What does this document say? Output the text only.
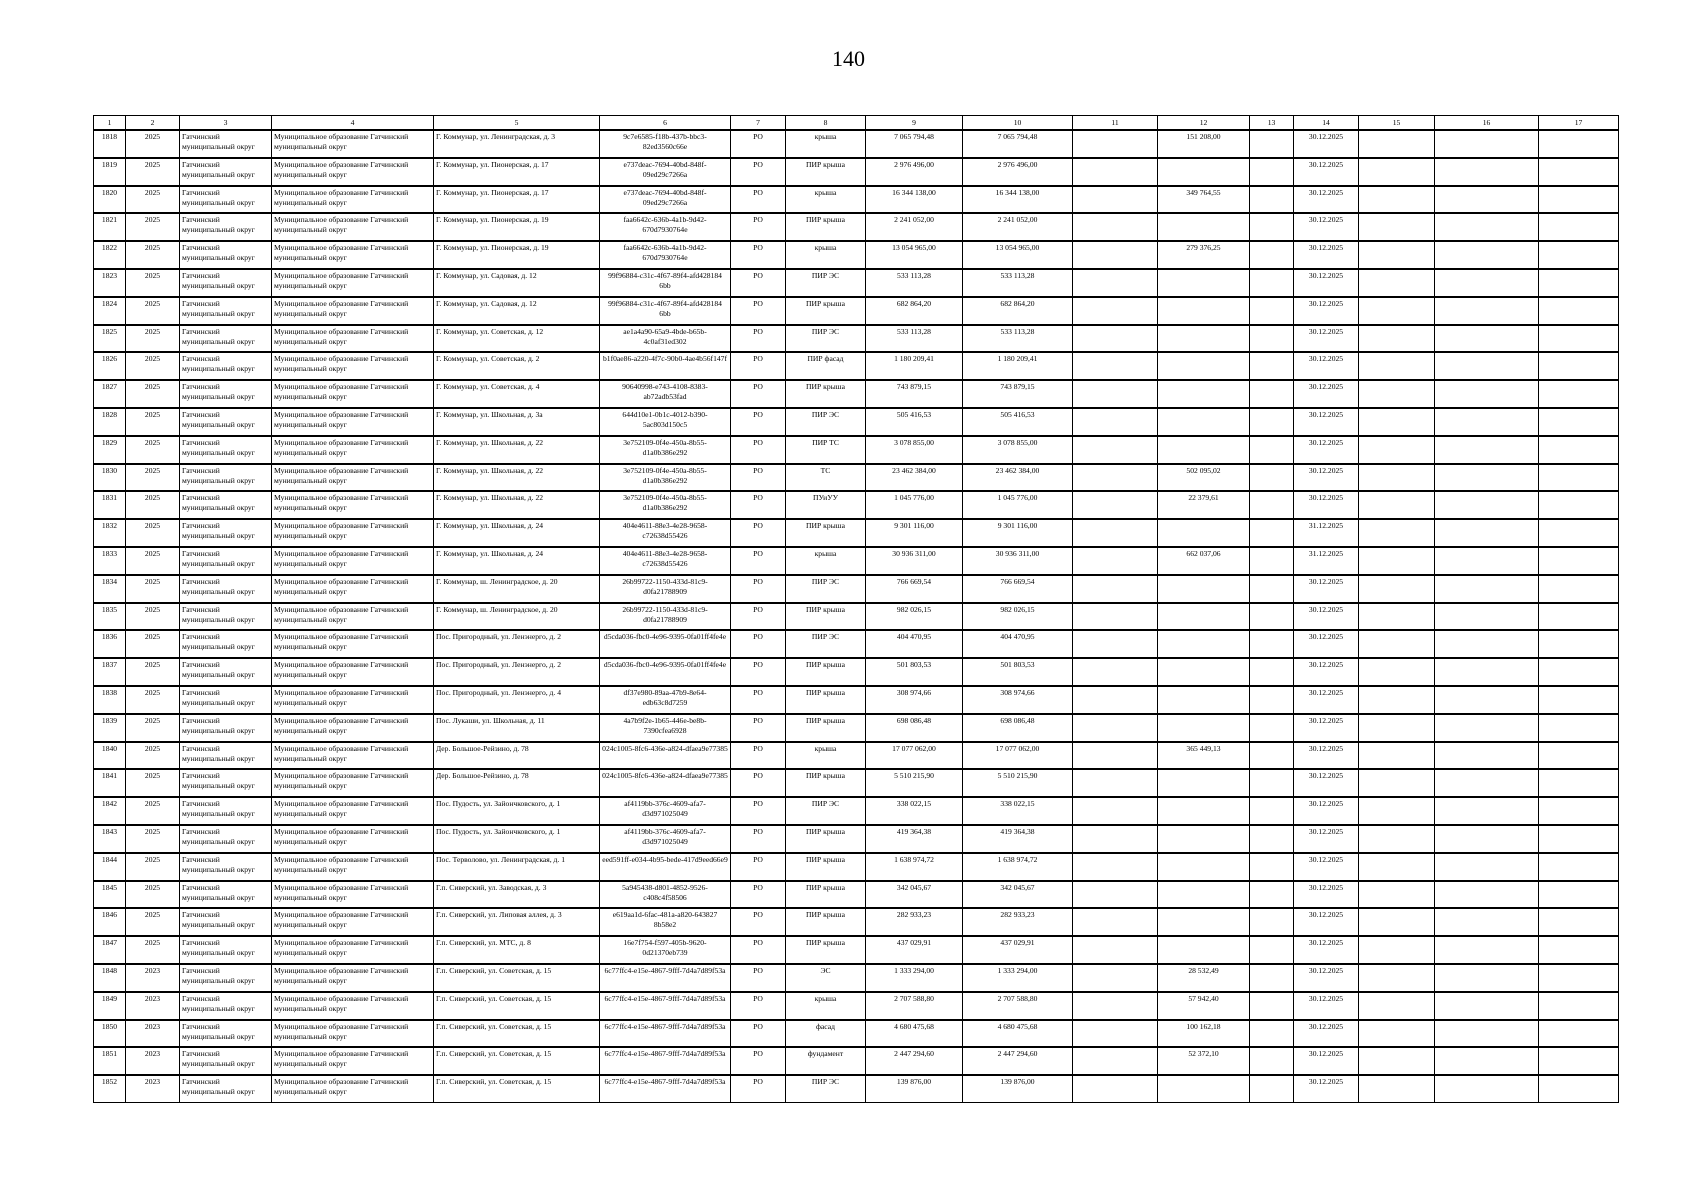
140
1	2	3	4	5	6	7	8	9	10	11	12	13	14	15	16	17
1818	2025	Гатчинский муниципальный округ	Муниципальное образование Гатчинский муниципальный округ	Г. Коммунар, ул. Ленинградская, д. 3	9c7e6585-f18b-437b-bbc3-82ed3560c66e	РО	крыша	7 065 794,48	7 065 794,48		151 208,00		30.12.2025			
1819	2025	Гатчинский муниципальный округ	Муниципальное образование Гатчинский муниципальный округ	Г. Коммунар, ул. Пионерская, д. 17	e737deac-7694-40bd-848f-09ed29c7266a	РО	ПИР крыша	2 976 496,00	2 976 496,00				30.12.2025			
1820	2025	Гатчинский муниципальный округ	Муниципальное образование Гатчинский муниципальный округ	Г. Коммунар, ул. Пионерская, д. 17	e737deac-7694-40bd-848f-09ed29c7266a	РО	крыша	16 344 138,00	16 344 138,00		349 764,55		30.12.2025			
1821	2025	Гатчинский муниципальный округ	Муниципальное образование Гатчинский муниципальный округ	Г. Коммунар, ул. Пионерская, д. 19	faa6642c-636b-4a1b-9d42-670d7930764e	РО	ПИР крыша	2 241 052,00	2 241 052,00				30.12.2025			
1822	2025	Гатчинский муниципальный округ	Муниципальное образование Гатчинский муниципальный округ	Г. Коммунар, ул. Пионерская, д. 19	faa6642c-636b-4a1b-9d42-670d7930764e	РО	крыша	13 054 965,00	13 054 965,00		279 376,25		30.12.2025			
1823	2025	Гатчинский муниципальный округ	Муниципальное образование Гатчинский муниципальный округ	Г. Коммунар, ул. Садовая, д. 12	99f96884-c31c-4f67-89f4-afd428184 6bb	РО	ПИР ЭС	533 113,28	533 113,28				30.12.2025			
1824	2025	Гатчинский муниципальный округ	Муниципальное образование Гатчинский муниципальный округ	Г. Коммунар, ул. Садовая, д. 12	99f96884-c31c-4f67-89f4-afd428184 6bb	РО	ПИР крыша	682 864,20	682 864,20				30.12.2025			
1825	2025	Гатчинский муниципальный округ	Муниципальное образование Гатчинский муниципальный округ	Г. Коммунар, ул. Советская, д. 12	ae1a4a90-65a9-4bde-b65b-4c0af31ed302	РО	ПИР ЭС	533 113,28	533 113,28				30.12.2025			
1826	2025	Гатчинский муниципальный округ	Муниципальное образование Гатчинский муниципальный округ	Г. Коммунар, ул. Советская, д. 2	b1f0ae86-a220-4f7c-90b0-4ae4b56f147f	РО	ПИР фасад	1 180 209,41	1 180 209,41				30.12.2025			
1827	2025	Гатчинский муниципальный округ	Муниципальное образование Гатчинский муниципальный округ	Г. Коммунар, ул. Советская, д. 4	90640998-e743-4108-8383-ab72adb53fad	РО	ПИР крыша	743 879,15	743 879,15				30.12.2025			
1828	2025	Гатчинский муниципальный округ	Муниципальное образование Гатчинский муниципальный округ	Г. Коммунар, ул. Школьная, д. 3а	644d10e1-0b1c-4012-b390-5ac803d150c5	РО	ПИР ЭС	505 416,53	505 416,53				30.12.2025			
1829	2025	Гатчинский муниципальный округ	Муниципальное образование Гатчинский муниципальный округ	Г. Коммунар, ул. Школьная, д. 22	3e752109-0f4e-450a-8b55-d1a0b386e292	РО	ПИР ТС	3 078 855,00	3 078 855,00				30.12.2025			
1830	2025	Гатчинский муниципальный округ	Муниципальное образование Гатчинский муниципальный округ	Г. Коммунар, ул. Школьная, д. 22	3e752109-0f4e-450a-8b55-d1a0b386e292	РО	ТС	23 462 384,00	23 462 384,00		502 095,02		30.12.2025			
1831	2025	Гатчинский муниципальный округ	Муниципальное образование Гатчинский муниципальный округ	Г. Коммунар, ул. Школьная, д. 22	3e752109-0f4e-450a-8b55-d1a0b386e292	РО	ПУиУУ	1 045 776,00	1 045 776,00		22 379,61		30.12.2025			
1832	2025	Гатчинский муниципальный округ	Муниципальное образование Гатчинский муниципальный округ	Г. Коммунар, ул. Школьная, д. 24	404e4611-88e3-4e28-9658-c72638d55426	РО	ПИР крыша	9 301 116,00	9 301 116,00				31.12.2025			
1833	2025	Гатчинский муниципальный округ	Муниципальное образование Гатчинский муниципальный округ	Г. Коммунар, ул. Школьная, д. 24	404e4611-88e3-4e28-9658-c72638d55426	РО	крыша	30 936 311,00	30 936 311,00		662 037,06		31.12.2025			
1834	2025	Гатчинский муниципальный округ	Муниципальное образование Гатчинский муниципальный округ	Г. Коммунар, ш. Ленинградское, д. 20	26b99722-1150-433d-81c9-d0fa21788909	РО	ПИР ЭС	766 669,54	766 669,54				30.12.2025			
1835	2025	Гатчинский муниципальный округ	Муниципальное образование Гатчинский муниципальный округ	Г. Коммунар, ш. Ленинградское, д. 20	26b99722-1150-433d-81c9-d0fa21788909	РО	ПИР крыша	982 026,15	982 026,15				30.12.2025			
1836	2025	Гатчинский муниципальный округ	Муниципальное образование Гатчинский муниципальный округ	Пос. Пригородный, ул. Ленэнерго, д. 2	d5cda036-fbc0-4e96-9395-0fa01ff4fe4e	РО	ПИР ЭС	404 470,95	404 470,95				30.12.2025			
1837	2025	Гатчинский муниципальный округ	Муниципальное образование Гатчинский муниципальный округ	Пос. Пригородный, ул. Ленэнерго, д. 2	d5cda036-fbc0-4e96-9395-0fa01ff4fe4e	РО	ПИР крыша	501 803,53	501 803,53				30.12.2025			
1838	2025	Гатчинский муниципальный округ	Муниципальное образование Гатчинский муниципальный округ	Пос. Пригородный, ул. Ленэнерго, д. 4	df37e980-89aa-47b9-8e64-edb63c8d7259	РО	ПИР крыша	308 974,66	308 974,66				30.12.2025			
1839	2025	Гатчинский муниципальный округ	Муниципальное образование Гатчинский муниципальный округ	Пос. Лукаши, ул. Школьная, д. 11	4a7b9f2e-1b65-446e-be8b-7390cfea6928	РО	ПИР крыша	698 086,48	698 086,48				30.12.2025			
1840	2025	Гатчинский муниципальный округ	Муниципальное образование Гатчинский муниципальный округ	Дер. Большое-Рейзино, д. 78	024c1005-8fc6-436e-a824-dfaea9e77385	РО	крыша	17 077 062,00	17 077 062,00		365 449,13		30.12.2025			
1841	2025	Гатчинский муниципальный округ	Муниципальное образование Гатчинский муниципальный округ	Дер. Большое-Рейзино, д. 78	024c1005-8fc6-436e-a824-dfaea9e77385	РО	ПИР крыша	5 510 215,90	5 510 215,90				30.12.2025			
1842	2025	Гатчинский муниципальный округ	Муниципальное образование Гатчинский муниципальный округ	Пос. Пудость, ул. Зайончковского, д. 1	af4119bb-376c-4609-afa7-d3d971025049	РО	ПИР ЭС	338 022,15	338 022,15				30.12.2025			
1843	2025	Гатчинский муниципальный округ	Муниципальное образование Гатчинский муниципальный округ	Пос. Пудость, ул. Зайончковского, д. 1	af4119bb-376c-4609-afa7-d3d971025049	РО	ПИР крыша	419 364,38	419 364,38				30.12.2025			
1844	2025	Гатчинский муниципальный округ	Муниципальное образование Гатчинский муниципальный округ	Пос. Терволово, ул. Ленинградская, д. 1	eed591ff-e034-4b95-bede-417d9eed66e9	РО	ПИР крыша	1 638 974,72	1 638 974,72				30.12.2025			
1845	2025	Гатчинский муниципальный округ	Муниципальное образование Гатчинский муниципальный округ	Г.п. Сиверский, ул. Заводская, д. 3	5a945438-d801-4852-9526-c408c4f58506	РО	ПИР крыша	342 045,67	342 045,67				30.12.2025			
1846	2025	Гатчинский муниципальный округ	Муниципальное образование Гатчинский муниципальный округ	Г.п. Сиверский, ул. Липовая аллея, д. 3	e619aa1d-6fac-481a-a820-643827 8b58e2	РО	ПИР крыша	282 933,23	282 933,23				30.12.2025			
1847	2025	Гатчинский муниципальный округ	Муниципальное образование Гатчинский муниципальный округ	Г.п. Сиверский, ул. МТС, д. 8	16e7f754-f597-405b-9620-0d21370eb739	РО	ПИР крыша	437 029,91	437 029,91				30.12.2025			
1848	2023	Гатчинский муниципальный округ	Муниципальное образование Гатчинский муниципальный округ	Г.п. Сиверский, ул. Советская, д. 15	6c77ffc4-e15e-4867-9fff-7d4a7d89f53a	РО	ЭС	1 333 294,00	1 333 294,00		28 532,49		30.12.2025			
1849	2023	Гатчинский муниципальный округ	Муниципальное образование Гатчинский муниципальный округ	Г.п. Сиверский, ул. Советская, д. 15	6c77ffc4-e15e-4867-9fff-7d4a7d89f53a	РО	крыша	2 707 588,80	2 707 588,80		57 942,40		30.12.2025			
1850	2023	Гатчинский муниципальный округ	Муниципальное образование Гатчинский муниципальный округ	Г.п. Сиверский, ул. Советская, д. 15	6c77ffc4-e15e-4867-9fff-7d4a7d89f53a	РО	фасад	4 680 475,68	4 680 475,68		100 162,18		30.12.2025			
1851	2023	Гатчинский муниципальный округ	Муниципальное образование Гатчинский муниципальный округ	Г.п. Сиверский, ул. Советская, д. 15	6c77ffc4-e15e-4867-9fff-7d4a7d89f53a	РО	фундамент	2 447 294,60	2 447 294,60		52 372,10		30.12.2025			
1852	2023	Гатчинский муниципальный округ	Муниципальное образование Гатчинский муниципальный округ	Г.п. Сиверский, ул. Советская, д. 15	6c77ffc4-e15e-4867-9fff-7d4a7d89f53a	РО	ПИР ЭС	139 876,00	139 876,00				30.12.2025			
